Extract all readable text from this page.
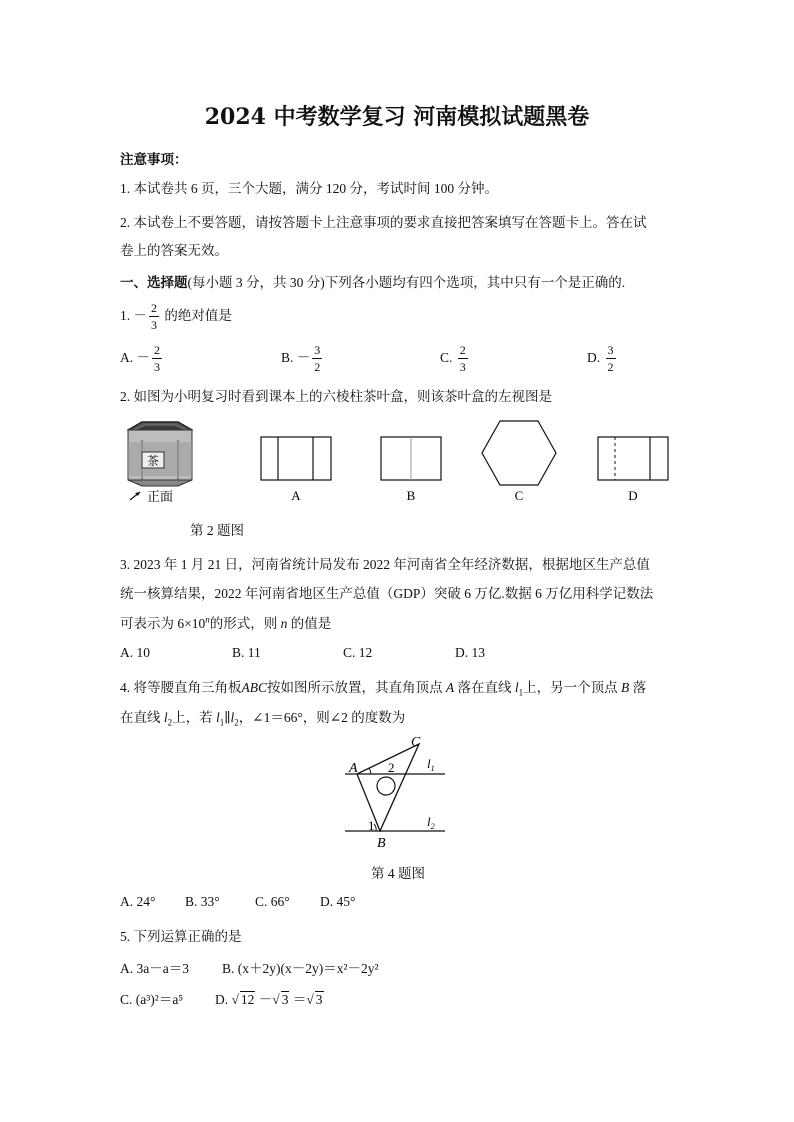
2024 中考数学复习 河南模拟试题黑卷
注意事项：
1. 本试卷共 6 页，三个大题，满分 120 分，考试时间 100 分钟。
2. 本试卷上不要答题，请按答题卡上注意事项的要求直接把答案填写在答题卡上。答在试
卷上的答案无效。
一、选择题(每小题 3 分，共 30 分)下列各小题均有四个选项，其中只有一个是正确的.
1. － $\frac{2}{3}$ 的绝对值是
A. － $\frac{2}{3}$	B. － $\frac{3}{2}$	C. $\frac{2}{3}$	D. $\frac{3}{2}$
2. 如图为小明复习时看到课本上的六棱柱茶叶盒，则该茶叶盒的左视图是
茶
正面	A	B	C	D
第 2 题图
3. 2023 年 1 月 21 日，河南省统计局发布 2022 年河南省全年经济数据，根据地区生产总值
统一核算结果，2022 年河南省地区生产总值（GDP）突破 6 万亿.数据 6 万亿用科学记数法
可表示为 $6\times 10^n$的形式，则 n 的值是
A. 10	B. 11	C. 12	D. 13
4. 将等腰直角三角板ABC按如图所示放置，其直角顶点 A 落在直线 $l_1$上，另一个顶点 B 落
在直线 $l_2$上，若 $l_1\parallel l_2$，∠1＝66°，则∠2 的度数为
A
C
B
2
1
$l_1$
$l_2$
第 4 题图
A. 24° B. 33°	C. 66° D. 45°
5. 下列运算正确的是
A. 3a－a＝3 B. (x＋2y)(x－2y)＝x²－2y²
C. (a³)²＝a⁵ D. √ 12 －√ 3 ＝√ 3
